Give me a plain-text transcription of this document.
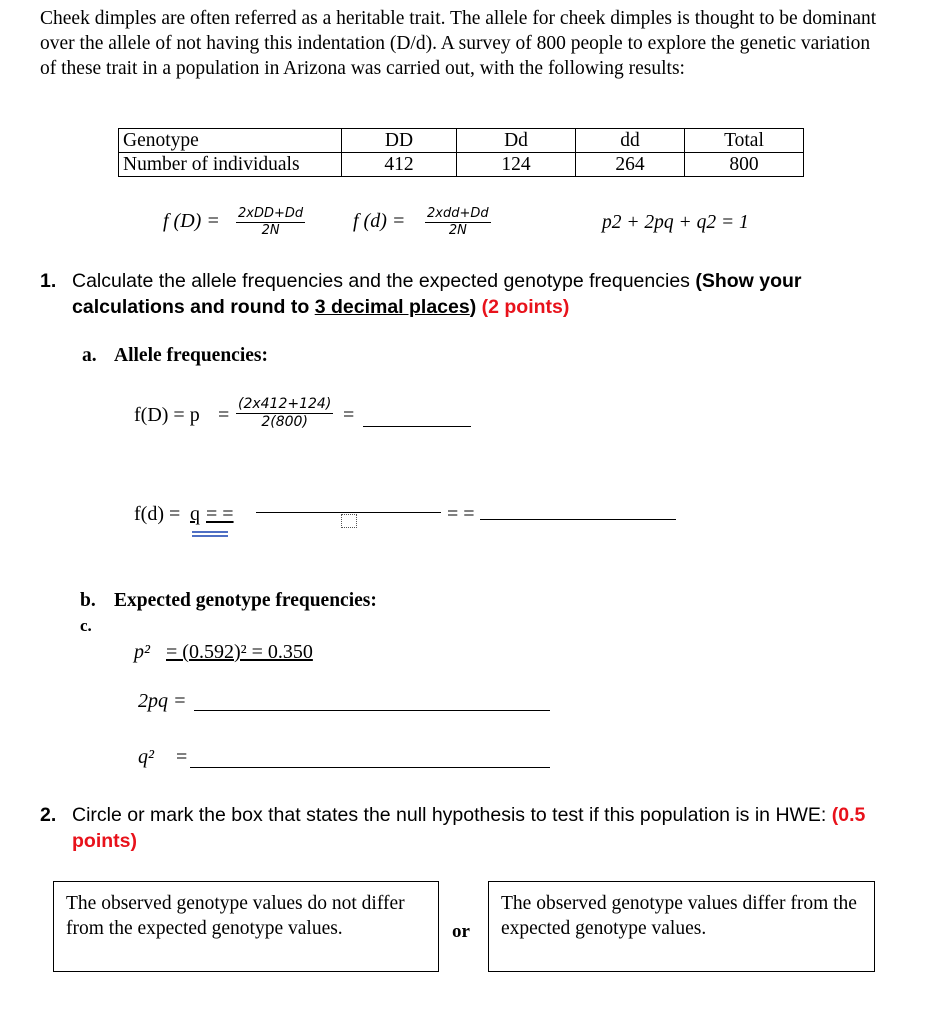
Cheek dimples are often referred as a heritable trait. The allele for cheek dimples is thought to be dominant over the allele of not having this indentation (D/d). A survey of 800 people to explore the genetic variation of these trait in a population in Arizona was carried out, with the following results:

Genotype	DD	Dd	dd	Total
Number of individuals	412	124	264	800
f (D) = 2xDD+Dd
2N	f (d) = 2xdd+Dd
2N	p2 + 2pq + q2 = 1
1. Calculate the allele frequencies and the expected genotype frequencies (Show your
calculations and round to 3 decimal places) (2 points)
a. Allele frequencies:
f(D) = p = (2x412+124)
2(800)	=
f(d) = q = =	= =
b. Expected genotype frequencies:
c.
p² = (0.592)² = 0.350
2pq =
q² =
2. Circle or mark the box that states the null hypothesis to test if this population is in HWE: (0.5
points)
The observed genotype values do not differ from the expected genotype values.	or
The observed genotype values differ from the expected genotype values.
